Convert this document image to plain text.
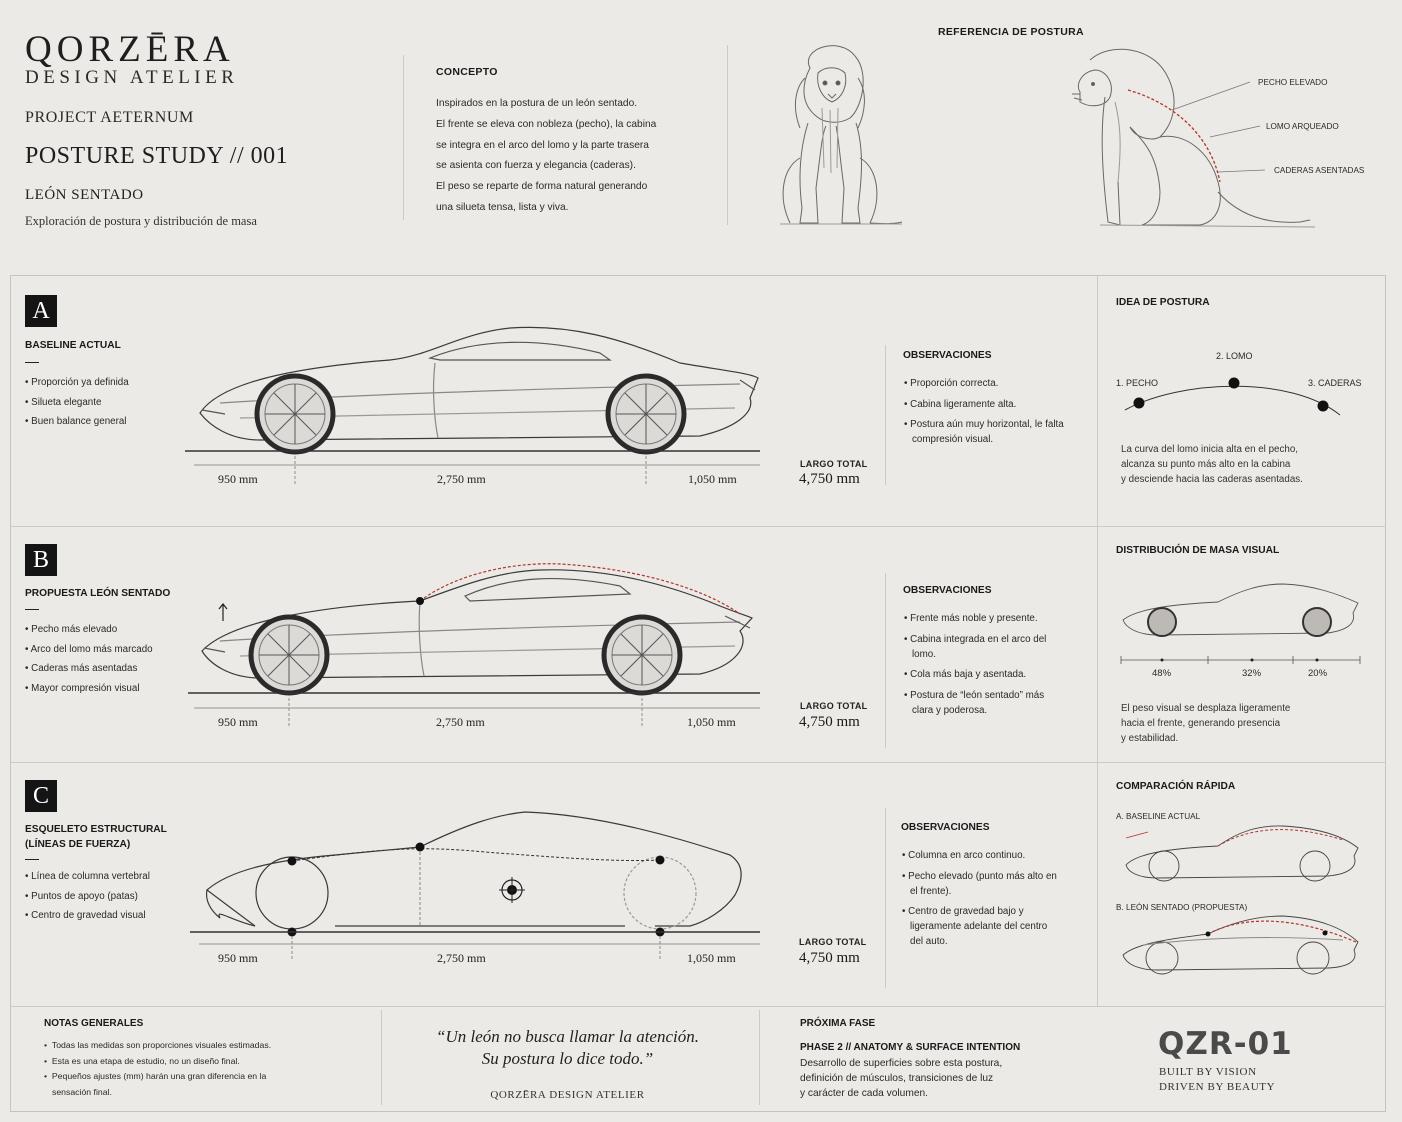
QORZĒRA
DESIGN ATELIER
PROJECT AETERNUM
POSTURE STUDY // 001
LEÓN SENTADO
Exploración de postura y distribución de masa
CONCEPTO
Inspirados en la postura de un león sentado.
El frente se eleva con nobleza (pecho), la cabina
se integra en el arco del lomo y la parte trasera
se asienta con fuerza y elegancia (caderas).
El peso se reparte de forma natural generando
una silueta tensa, lista y viva.
REFERENCIA DE POSTURA
PECHO ELEVADO
LOMO ARQUEADO
CADERAS ASENTADAS
A
BASELINE ACTUAL
• Proporción ya definida
• Silueta elegante
• Buen balance general
950 mm	2,750 mm	1,050 mm
LARGO TOTAL
4,750 mm
OBSERVACIONES
• Proporción correcta.
• Cabina ligeramente alta.
• Postura aún muy horizontal, le falta compresión visual.
B
PROPUESTA LEÓN SENTADO
• Pecho más elevado
• Arco del lomo más marcado
• Caderas más asentadas
• Mayor compresión visual
950 mm	2,750 mm	1,050 mm
LARGO TOTAL
4,750 mm
OBSERVACIONES
• Frente más noble y presente.
• Cabina integrada en el arco del lomo.
• Cola más baja y asentada.
• Postura de “león sentado” más clara y poderosa.
C
ESQUELETO ESTRUCTURAL
(LÍNEAS DE FUERZA)
• Línea de columna vertebral
• Puntos de apoyo (patas)
• Centro de gravedad visual
950 mm	2,750 mm	1,050 mm
LARGO TOTAL
4,750 mm
OBSERVACIONES
• Columna en arco continuo.
• Pecho elevado (punto más alto en el frente).
• Centro de gravedad bajo y ligeramente adelante del centro del auto.
IDEA DE POSTURA
1. PECHO
2. LOMO
3. CADERAS
La curva del lomo inicia alta en el pecho,
alcanza su punto más alto en la cabina
y desciende hacia las caderas asentadas.
DISTRIBUCIÓN DE MASA VISUAL
48%	32%	20%
El peso visual se desplaza ligeramente
hacia el frente, generando presencia
y estabilidad.
COMPARACIÓN RÁPIDA
A. BASELINE ACTUAL
B. LEÓN SENTADO (PROPUESTA)
NOTAS GENERALES
•  Todas las medidas son proporciones visuales estimadas.
•  Esta es una etapa de estudio, no un diseño final.
•  Pequeños ajustes (mm) harán una gran diferencia en la sensación final.
“Un león no busca llamar la atención.
Su postura lo dice todo.”
QORZĒRA DESIGN ATELIER
PRÓXIMA FASE
PHASE 2 // ANATOMY & SURFACE INTENTION
Desarrollo de superficies sobre esta postura,
definición de músculos, transiciones de luz
y carácter de cada volumen.
QZR-01
BUILT BY VISION
DRIVEN BY BEAUTY
